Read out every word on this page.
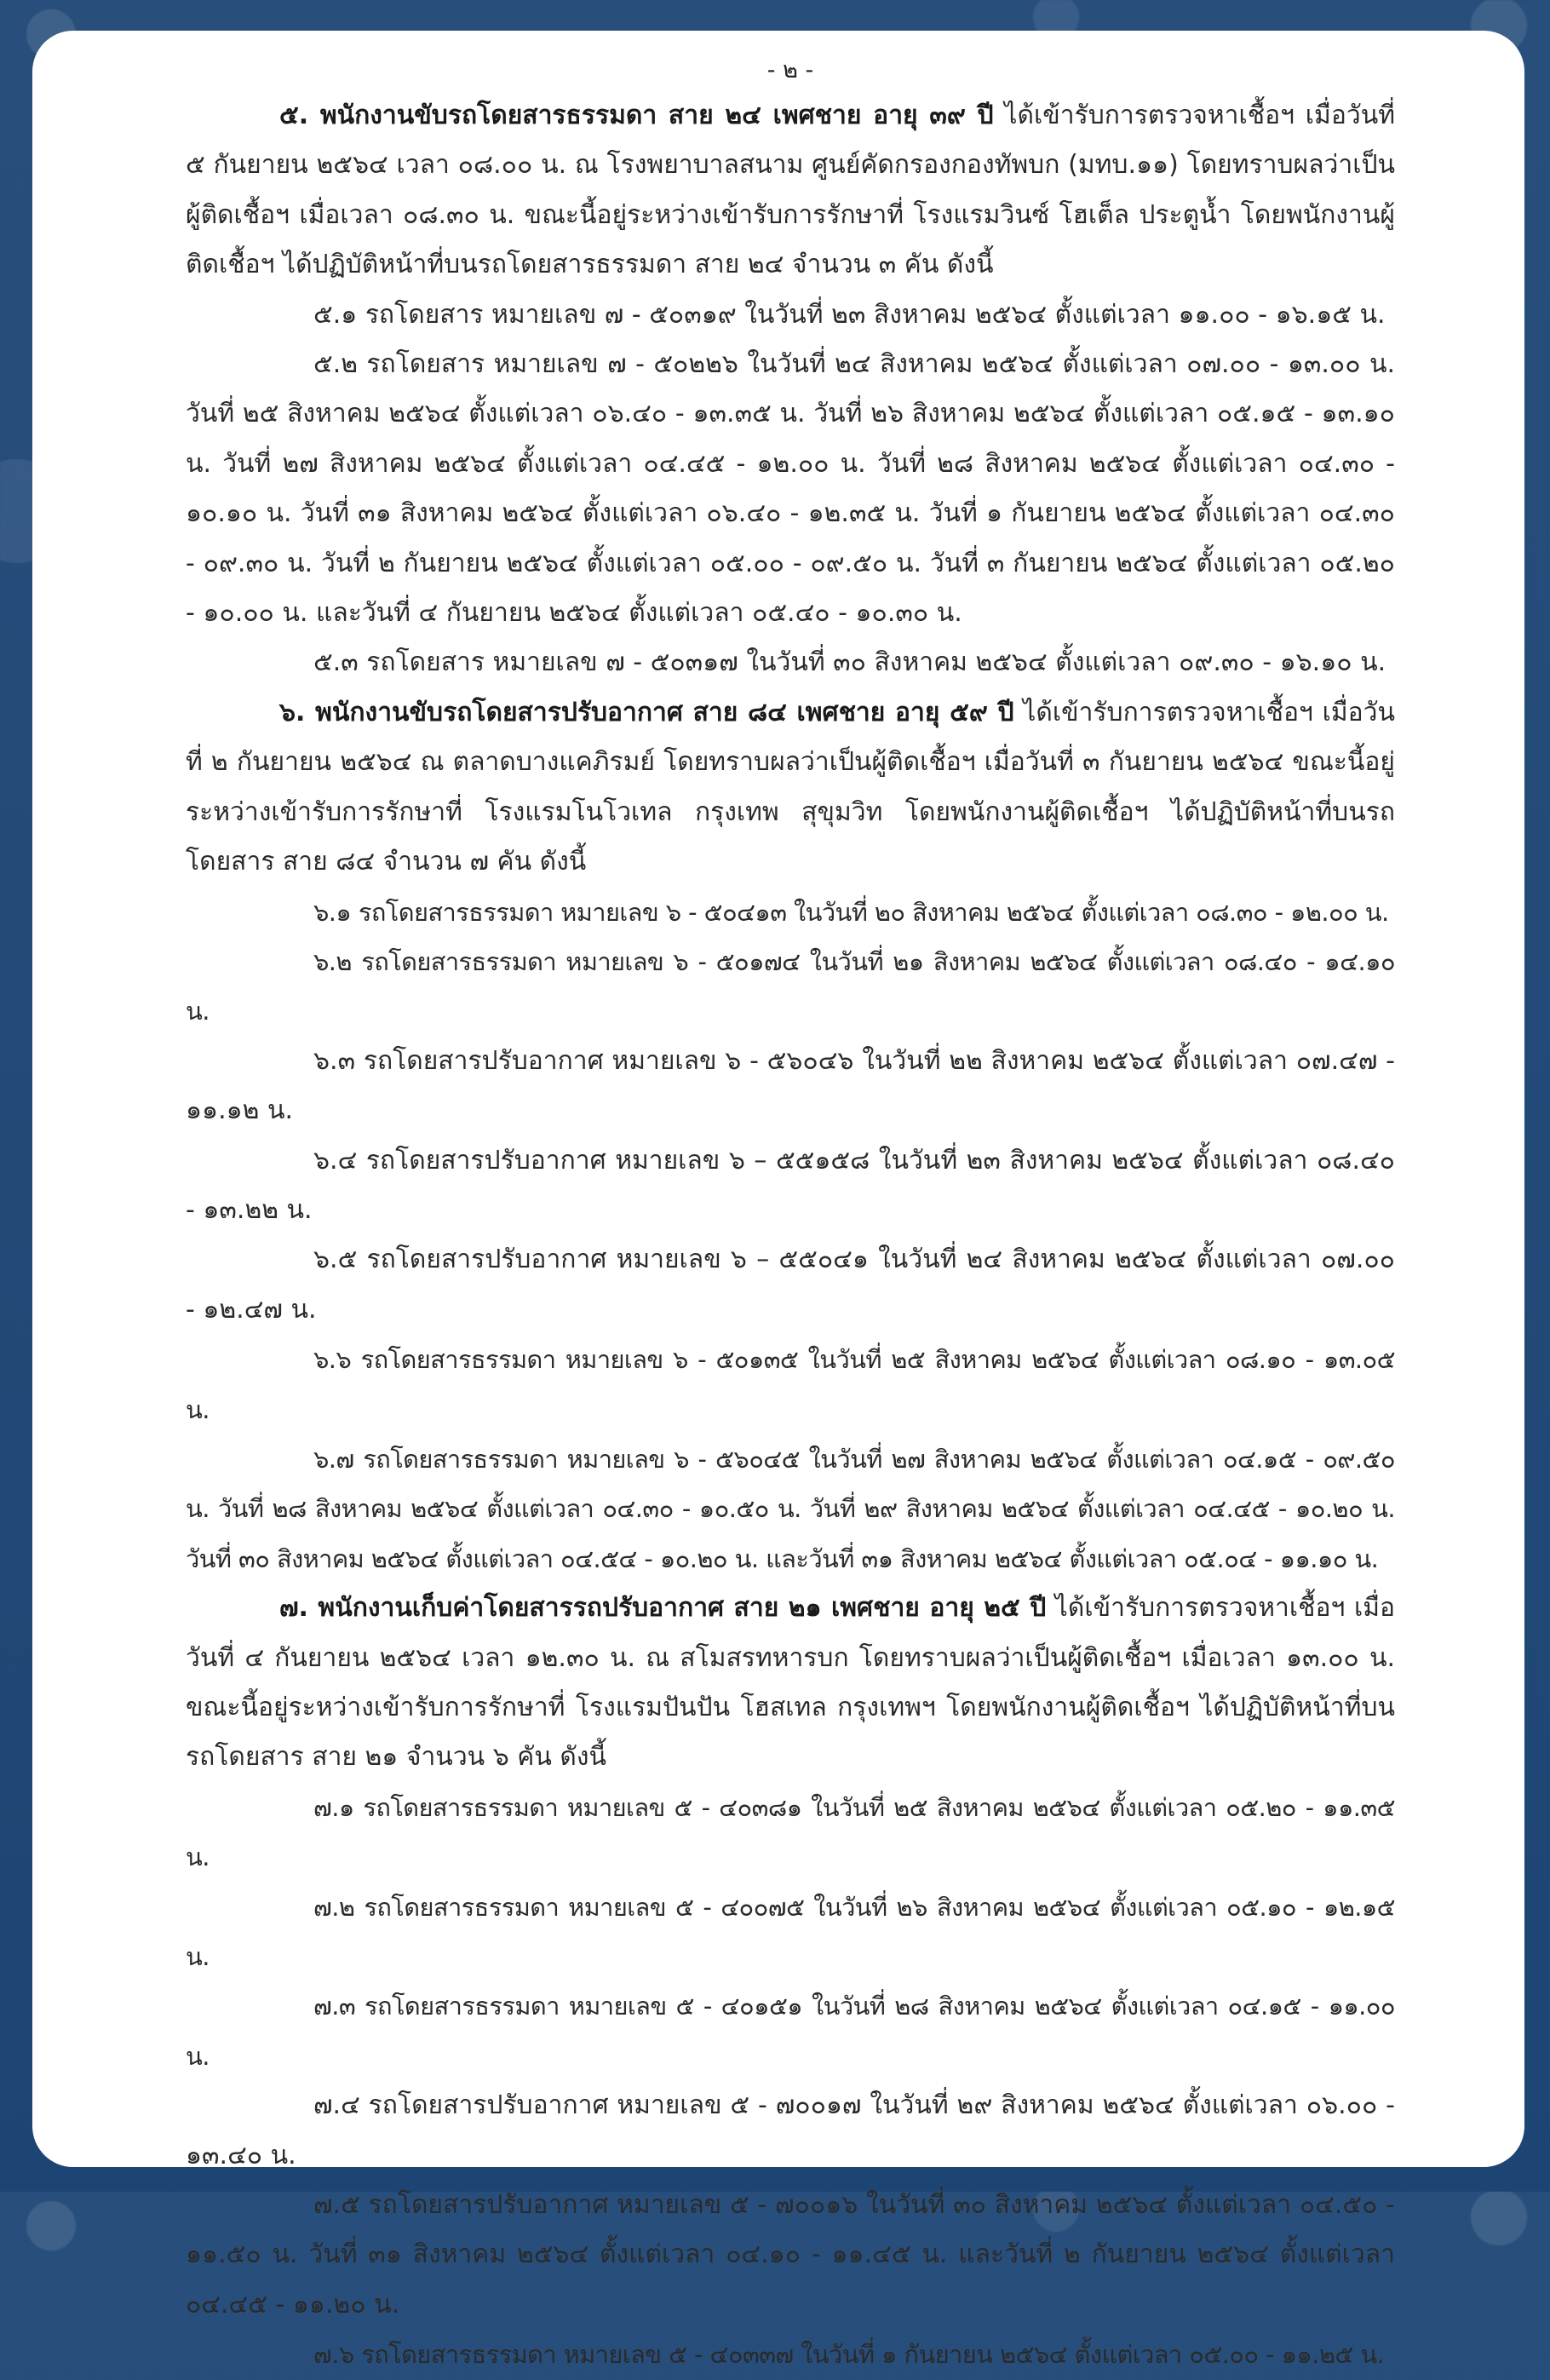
- ๒ -

๕. พนักงานขับรถโดยสารธรรมดา สาย ๒๔ เพศชาย อายุ ๓๙ ปี ได้เข้ารับการตรวจหาเชื้อฯ เมื่อวันที่ ๕ กันยายน ๒๕๖๔ เวลา ๐๘.๐๐ น. ณ โรงพยาบาลสนาม ศูนย์คัดกรองกองทัพบก (มทบ.๑๑) โดยทราบผลว่าเป็นผู้ติดเชื้อฯ เมื่อเวลา ๐๘.๓๐ น. ขณะนี้อยู่ระหว่างเข้ารับการรักษาที่ โรงแรมวินซ์ โฮเต็ล ประตูน้ำ โดยพนักงานผู้ติดเชื้อฯ ได้ปฏิบัติหน้าที่บนรถโดยสารธรรมดา สาย ๒๔ จำนวน ๓ คัน ดังนี้

๕.๑ รถโดยสาร หมายเลข ๗ - ๕๐๓๑๙ ในวันที่ ๒๓ สิงหาคม ๒๕๖๔ ตั้งแต่เวลา ๑๑.๐๐ - ๑๖.๑๕ น.

๕.๒ รถโดยสาร หมายเลข ๗ - ๕๐๒๒๖ ในวันที่ ๒๔ สิงหาคม ๒๕๖๔ ตั้งแต่เวลา ๐๗.๐๐ - ๑๓.๐๐ น. วันที่ ๒๕ สิงหาคม ๒๕๖๔ ตั้งแต่เวลา ๐๖.๔๐ - ๑๓.๓๕ น. วันที่ ๒๖ สิงหาคม ๒๕๖๔ ตั้งแต่เวลา ๐๕.๑๕ - ๑๓.๑๐ น. วันที่ ๒๗ สิงหาคม ๒๕๖๔ ตั้งแต่เวลา ๐๔.๔๕ - ๑๒.๐๐ น. วันที่ ๒๘ สิงหาคม ๒๕๖๔ ตั้งแต่เวลา ๐๔.๓๐ - ๑๐.๑๐ น. วันที่ ๓๑ สิงหาคม ๒๕๖๔ ตั้งแต่เวลา ๐๖.๔๐ - ๑๒.๓๕ น. วันที่ ๑ กันยายน ๒๕๖๔ ตั้งแต่เวลา ๐๔.๓๐ - ๐๙.๓๐ น. วันที่ ๒ กันยายน ๒๕๖๔ ตั้งแต่เวลา ๐๕.๐๐ - ๐๙.๕๐ น. วันที่ ๓ กันยายน ๒๕๖๔ ตั้งแต่เวลา ๐๕.๒๐ - ๑๐.๐๐ น. และวันที่ ๔ กันยายน ๒๕๖๔ ตั้งแต่เวลา ๐๕.๔๐ - ๑๐.๓๐ น.

๕.๓ รถโดยสาร หมายเลข ๗ - ๕๐๓๑๗ ในวันที่ ๓๐ สิงหาคม ๒๕๖๔ ตั้งแต่เวลา ๐๙.๓๐ - ๑๖.๑๐ น.

๖. พนักงานขับรถโดยสารปรับอากาศ สาย ๘๔ เพศชาย อายุ ๕๙ ปี ได้เข้ารับการตรวจหาเชื้อฯ เมื่อวันที่ ๒ กันยายน ๒๕๖๔ ณ ตลาดบางแคภิรมย์ โดยทราบผลว่าเป็นผู้ติดเชื้อฯ เมื่อวันที่ ๓ กันยายน ๒๕๖๔ ขณะนี้อยู่ระหว่างเข้ารับการรักษาที่ โรงแรมโนโวเทล กรุงเทพ สุขุมวิท โดยพนักงานผู้ติดเชื้อฯ ได้ปฏิบัติหน้าที่บนรถโดยสาร สาย ๘๔ จำนวน ๗ คัน ดังนี้

๖.๑ รถโดยสารธรรมดา หมายเลข ๖ - ๕๐๔๑๓ ในวันที่ ๒๐ สิงหาคม ๒๕๖๔ ตั้งแต่เวลา ๐๘.๓๐ - ๑๒.๐๐ น.

๖.๒ รถโดยสารธรรมดา หมายเลข ๖ - ๕๐๑๗๔ ในวันที่ ๒๑ สิงหาคม ๒๕๖๔ ตั้งแต่เวลา ๐๘.๔๐ - ๑๔.๑๐ น.

๖.๓ รถโดยสารปรับอากาศ หมายเลข ๖ - ๕๖๐๔๖ ในวันที่ ๒๒ สิงหาคม ๒๕๖๔ ตั้งแต่เวลา ๐๗.๔๗ - ๑๑.๑๒ น.

๖.๔ รถโดยสารปรับอากาศ หมายเลข ๖ – ๕๕๑๕๘ ในวันที่ ๒๓ สิงหาคม ๒๕๖๔ ตั้งแต่เวลา ๐๘.๔๐ - ๑๓.๒๒ น.

๖.๕ รถโดยสารปรับอากาศ หมายเลข ๖ – ๕๕๐๔๑ ในวันที่ ๒๔ สิงหาคม ๒๕๖๔ ตั้งแต่เวลา ๐๗.๐๐ - ๑๒.๔๗ น.

๖.๖ รถโดยสารธรรมดา หมายเลข ๖ - ๕๐๑๓๕ ในวันที่ ๒๕ สิงหาคม ๒๕๖๔ ตั้งแต่เวลา ๐๘.๑๐ - ๑๓.๐๕ น.

๖.๗ รถโดยสารธรรมดา หมายเลข ๖ - ๕๖๐๔๕ ในวันที่ ๒๗ สิงหาคม ๒๕๖๔ ตั้งแต่เวลา ๐๔.๑๕ - ๐๙.๕๐ น. วันที่ ๒๘ สิงหาคม ๒๕๖๔ ตั้งแต่เวลา ๐๔.๓๐ - ๑๐.๕๐ น. วันที่ ๒๙ สิงหาคม ๒๕๖๔ ตั้งแต่เวลา ๐๔.๔๕ - ๑๐.๒๐ น. วันที่ ๓๐ สิงหาคม ๒๕๖๔ ตั้งแต่เวลา ๐๔.๕๔ - ๑๐.๒๐ น. และวันที่ ๓๑ สิงหาคม ๒๕๖๔ ตั้งแต่เวลา ๐๕.๐๔ - ๑๑.๑๐ น.

๗. พนักงานเก็บค่าโดยสารรถปรับอากาศ สาย ๒๑ เพศชาย อายุ ๒๕ ปี ได้เข้ารับการตรวจหาเชื้อฯ เมื่อวันที่ ๔ กันยายน ๒๕๖๔ เวลา ๑๒.๓๐ น. ณ สโมสรทหารบก โดยทราบผลว่าเป็นผู้ติดเชื้อฯ เมื่อเวลา ๑๓.๐๐ น. ขณะนี้อยู่ระหว่างเข้ารับการรักษาที่ โรงแรมปันปัน โฮสเทล กรุงเทพฯ โดยพนักงานผู้ติดเชื้อฯ ได้ปฏิบัติหน้าที่บนรถโดยสาร สาย ๒๑ จำนวน ๖ คัน ดังนี้

๗.๑ รถโดยสารธรรมดา หมายเลข ๕ - ๔๐๓๘๑ ในวันที่ ๒๕ สิงหาคม ๒๕๖๔ ตั้งแต่เวลา ๐๕.๒๐ - ๑๑.๓๕ น.

๗.๒ รถโดยสารธรรมดา หมายเลข ๕ - ๔๐๐๗๕ ในวันที่ ๒๖ สิงหาคม ๒๕๖๔ ตั้งแต่เวลา ๐๕.๑๐ - ๑๒.๑๕ น.

๗.๓ รถโดยสารธรรมดา หมายเลข ๕ - ๔๐๑๕๑ ในวันที่ ๒๘ สิงหาคม ๒๕๖๔ ตั้งแต่เวลา ๐๔.๑๕ - ๑๑.๐๐ น.

๗.๔ รถโดยสารปรับอากาศ หมายเลข ๕ - ๗๐๐๑๗ ในวันที่ ๒๙ สิงหาคม ๒๕๖๔ ตั้งแต่เวลา ๐๖.๐๐ - ๑๓.๔๐ น.

๗.๕ รถโดยสารปรับอากาศ หมายเลข ๕ - ๗๐๐๑๖ ในวันที่ ๓๐ สิงหาคม ๒๕๖๔ ตั้งแต่เวลา ๐๔.๕๐ - ๑๑.๕๐ น. วันที่ ๓๑ สิงหาคม ๒๕๖๔ ตั้งแต่เวลา ๐๔.๑๐ - ๑๑.๔๕ น. และวันที่ ๒ กันยายน ๒๕๖๔ ตั้งแต่เวลา ๐๔.๔๕ - ๑๑.๒๐ น.

๗.๖ รถโดยสารธรรมดา หมายเลข ๕ - ๔๐๓๓๗ ในวันที่ ๑ กันยายน ๒๕๖๔ ตั้งแต่เวลา ๐๕.๐๐ - ๑๑.๒๕ น.
